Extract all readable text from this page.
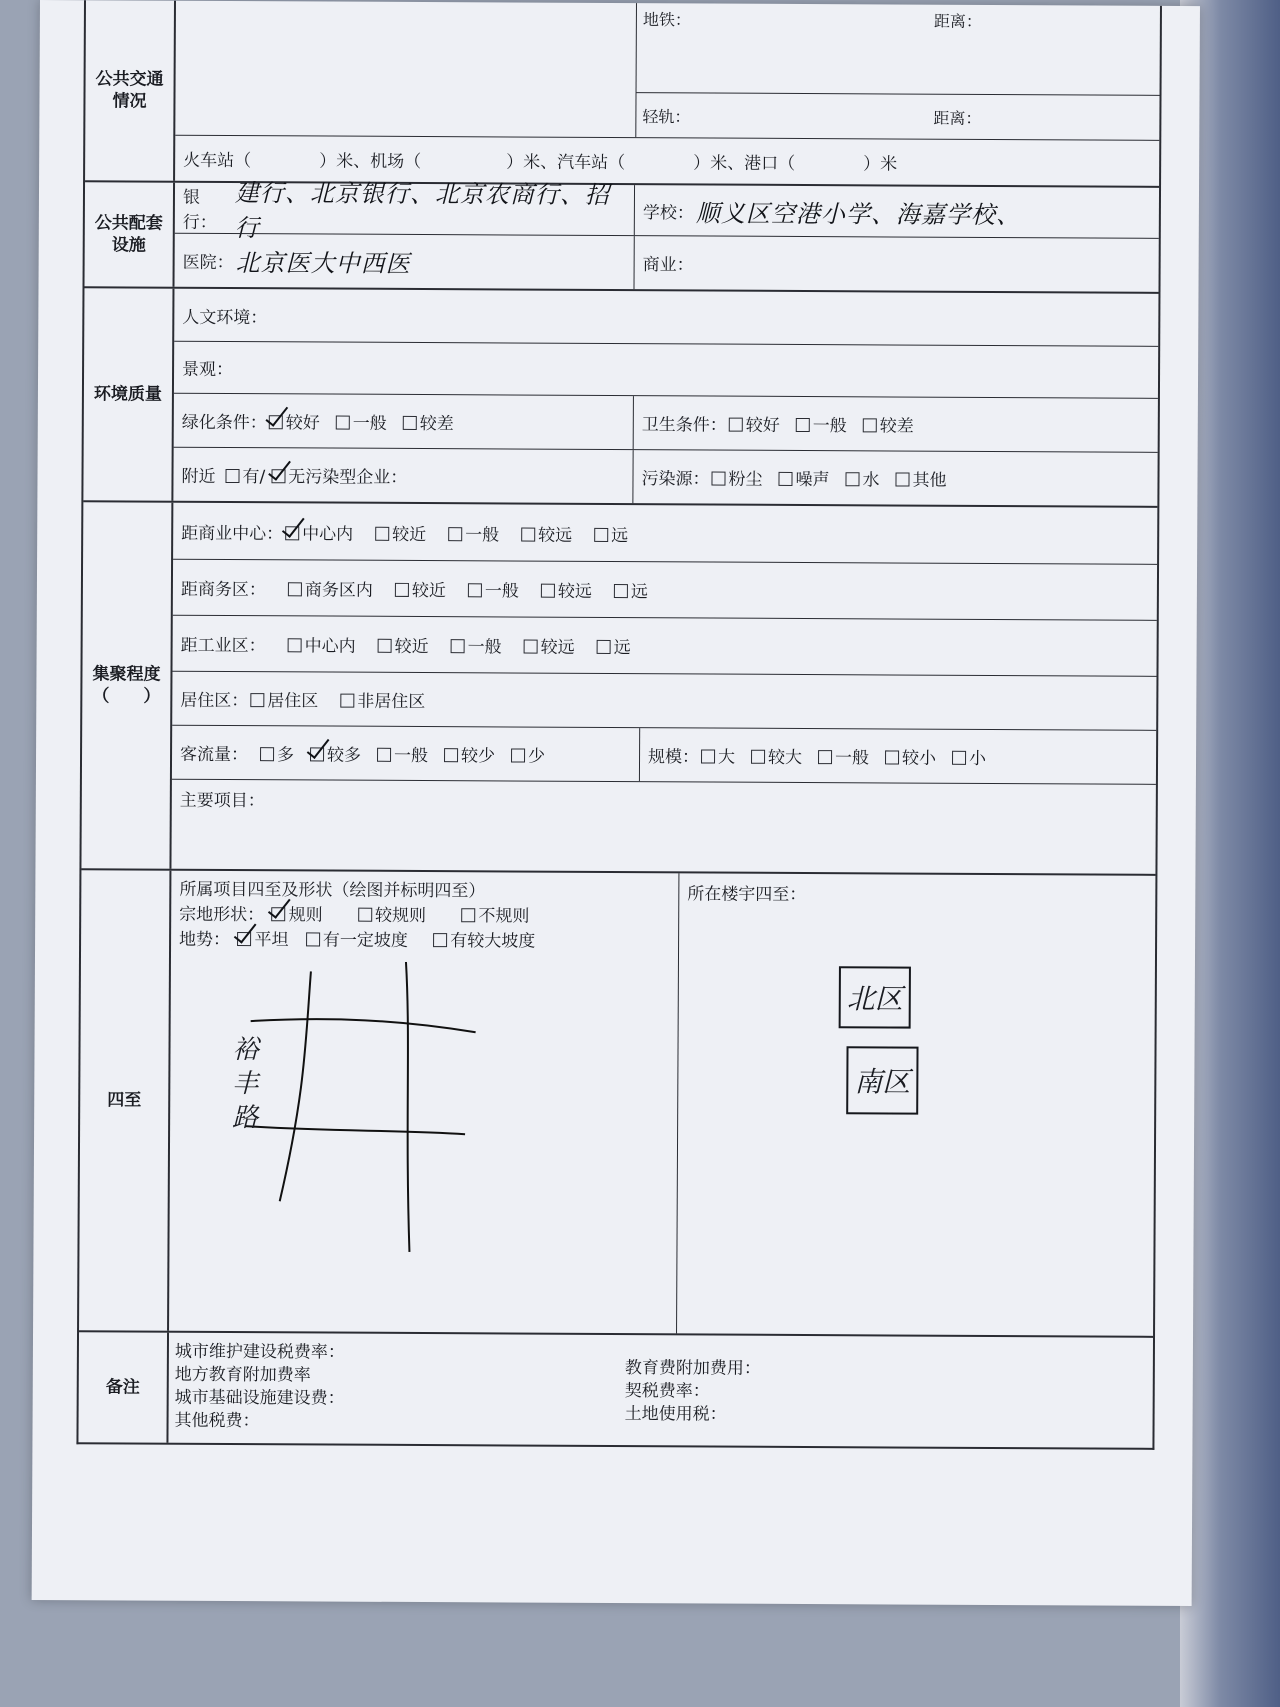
公共交通
情况
地铁：	距离：
轻轨：	距离：
火车站（　　　　）米、机场（　　　　　）米、汽车站（　　　　）米、港口（　　　　）米
公共配套
设施
银行：
建行、北京银行、北京农商行、招行
学校： 顺义区空港小学、海嘉学校、
医院： 北京医大中西医	商业：
环境质量
人文环境：
景观：
绿化条件：	较好	一般	较差	卫生条件：	较好	一般	较差
附近	有/	无污染型企业：	污染源：	粉尘	噪声	水	其他
集聚程度
（　　）
距商业中心：	中心内	较近	一般	较远	远
距商务区：	商务区内	较近	一般	较远	远
距工业区：	中心内	较近	一般	较远	远
居住区：	居住区	非居住区
客流量：	多	较多	一般	较少	少	规模：	大	较大	一般	较小	小
主要项目：
四至
所属项目四至及形状（绘图并标明四至）
宗地形状： 规则	较规则	不规则
地势： 平坦 有一定坡度 有较大坡度
裕丰路
所在楼宇四至：
北区
南区
备注
城市维护建设税费率：
地方教育附加费率
城市基础设施建设费：
其他税费：
教育费附加费用：
契税费率：
土地使用税：
